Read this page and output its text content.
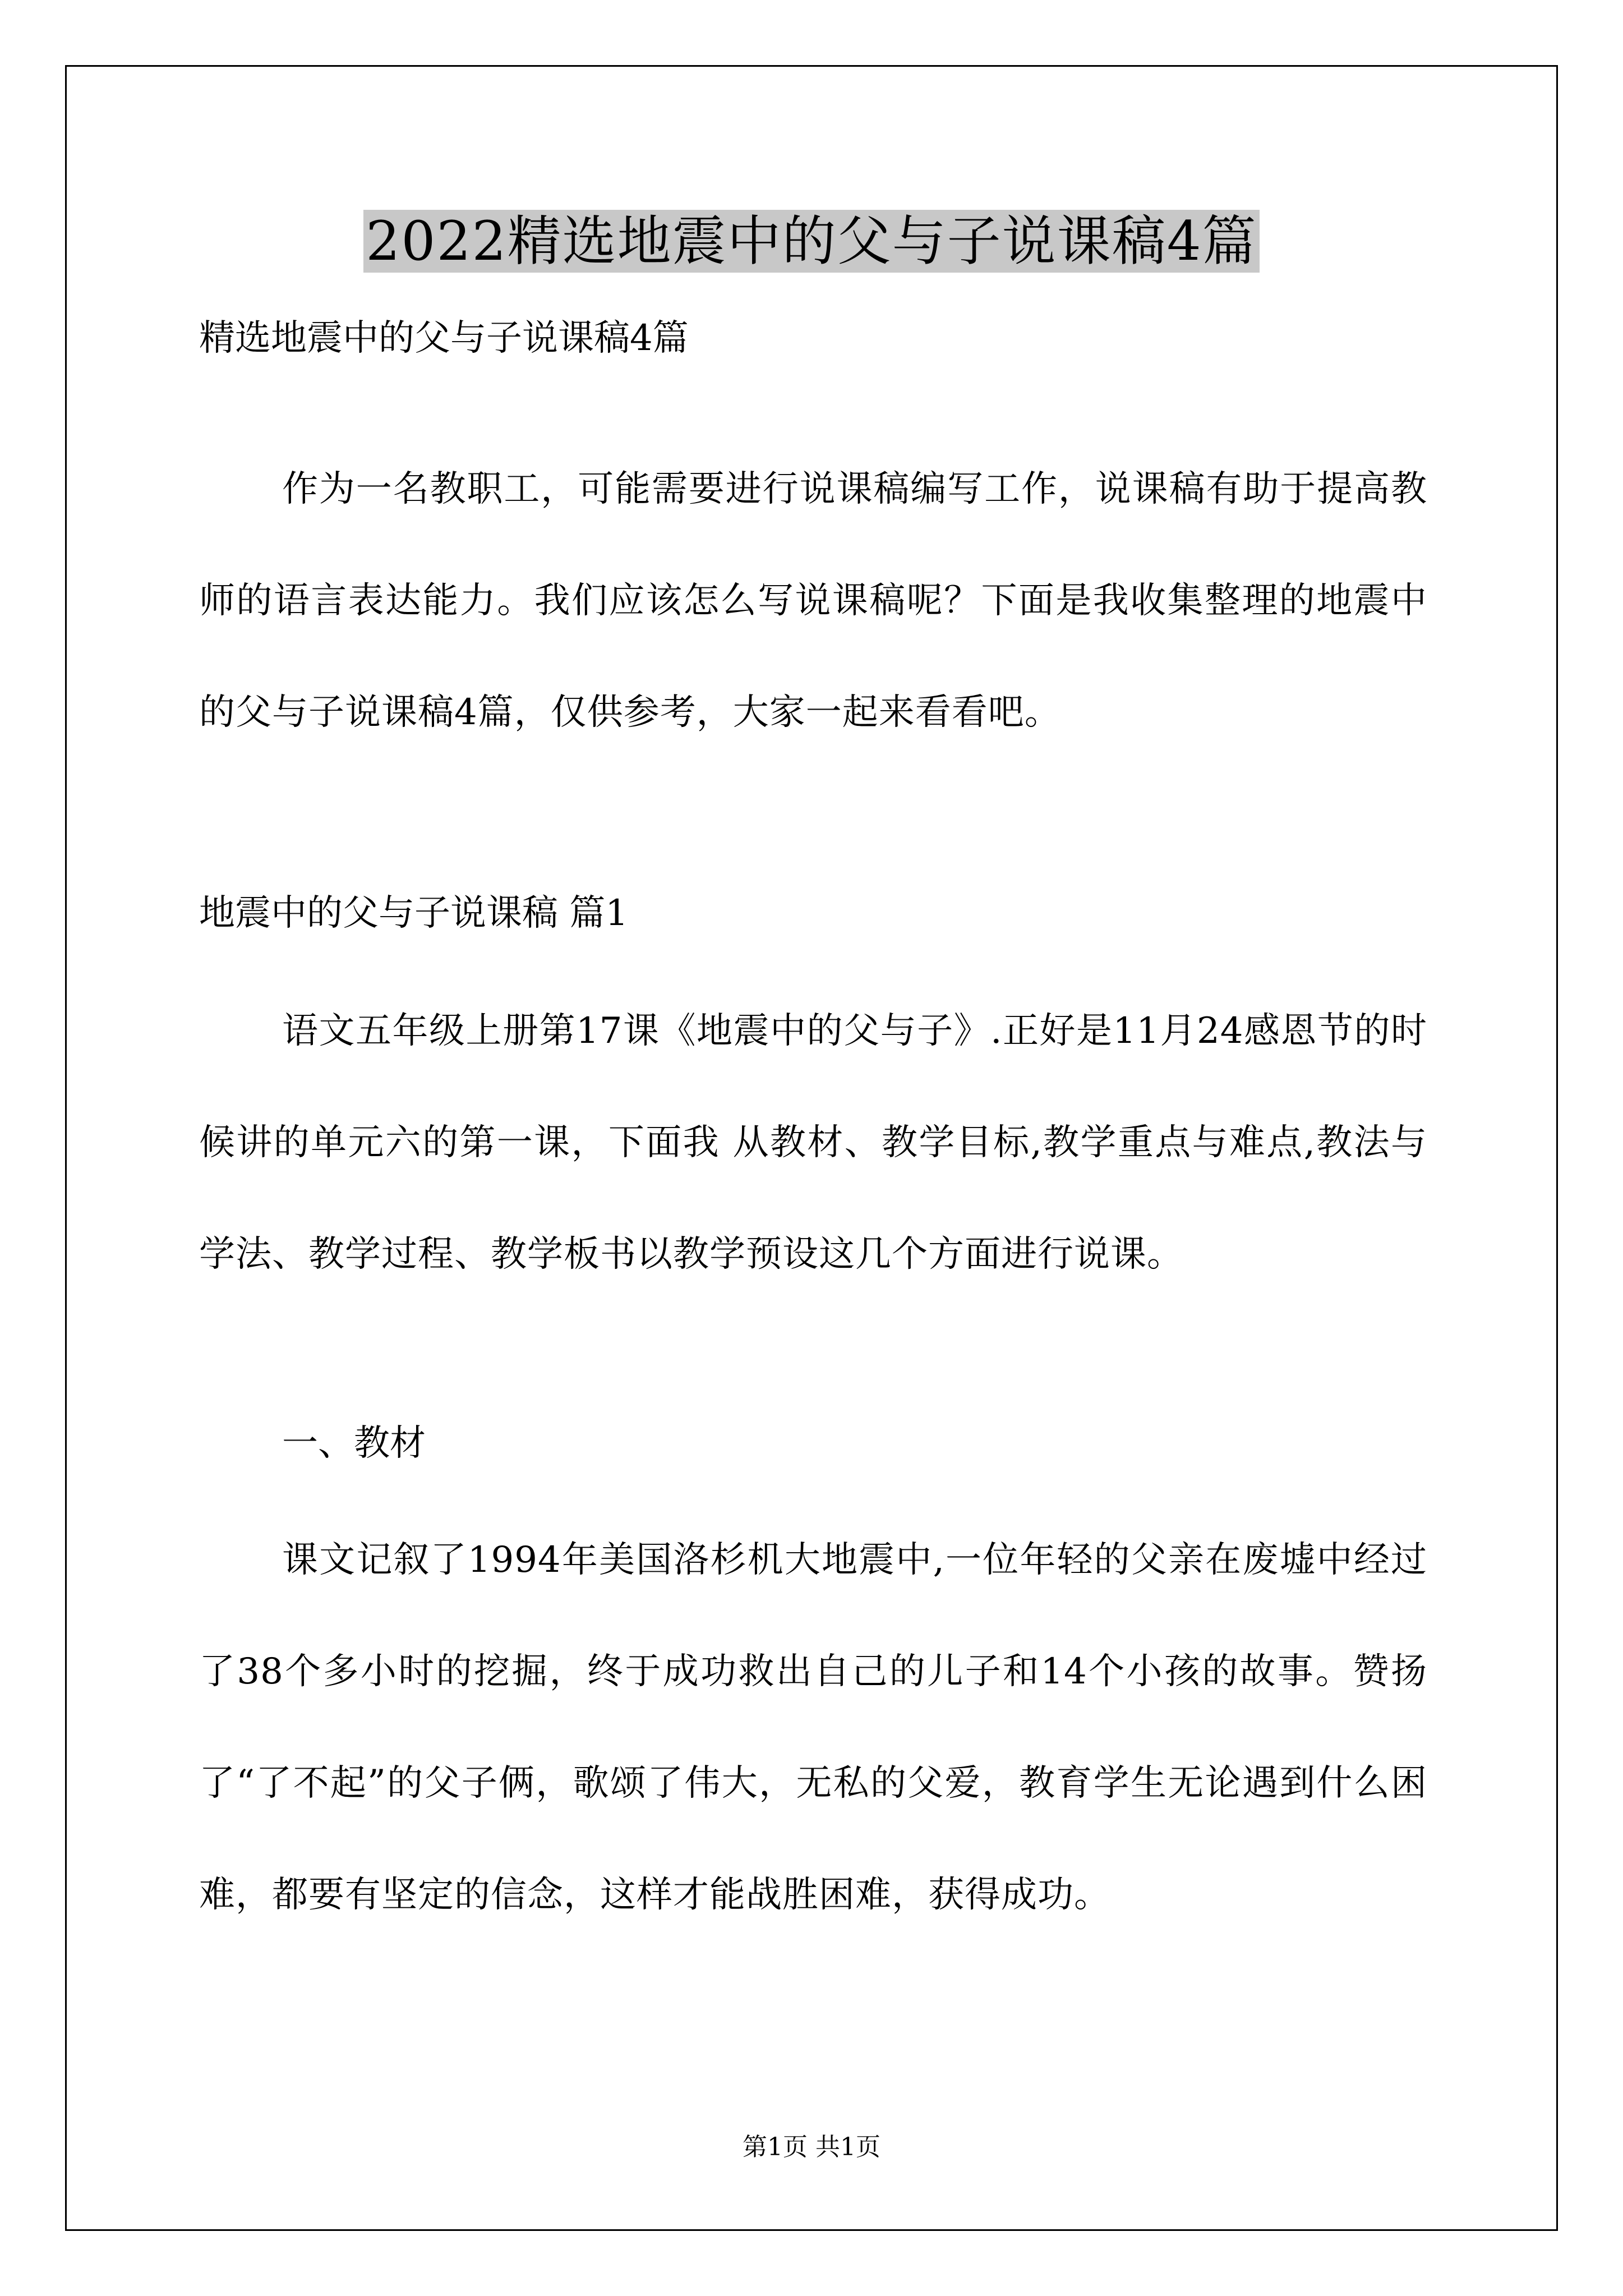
2022精选地震中的父与子说课稿4篇
精选地震中的父与子说课稿4篇
作为一名教职工，可能需要进行说课稿编写工作，说课稿有助于提高教师的语言表达能力。我们应该怎么写说课稿呢？下面是我收集整理的地震中的父与子说课稿4篇，仅供参考，大家一起来看看吧。
地震中的父与子说课稿 篇1
语文五年级上册第17课《地震中的父与子》.正好是11月24感恩节的时候讲的单元六的第一课，下面我 从教材、教学目标,教学重点与难点,教法与学法、教学过程、教学板书以教学预设这几个方面进行说课。
一、教材
课文记叙了1994年美国洛杉机大地震中,一位年轻的父亲在废墟中经过了38个多小时的挖掘，终于成功救出自己的儿子和14个小孩的故事。赞扬了“了不起”的父子俩，歌颂了伟大，无私的父爱，教育学生无论遇到什么困难，都要有坚定的信念，这样才能战胜困难，获得成功。
第1页 共1页
